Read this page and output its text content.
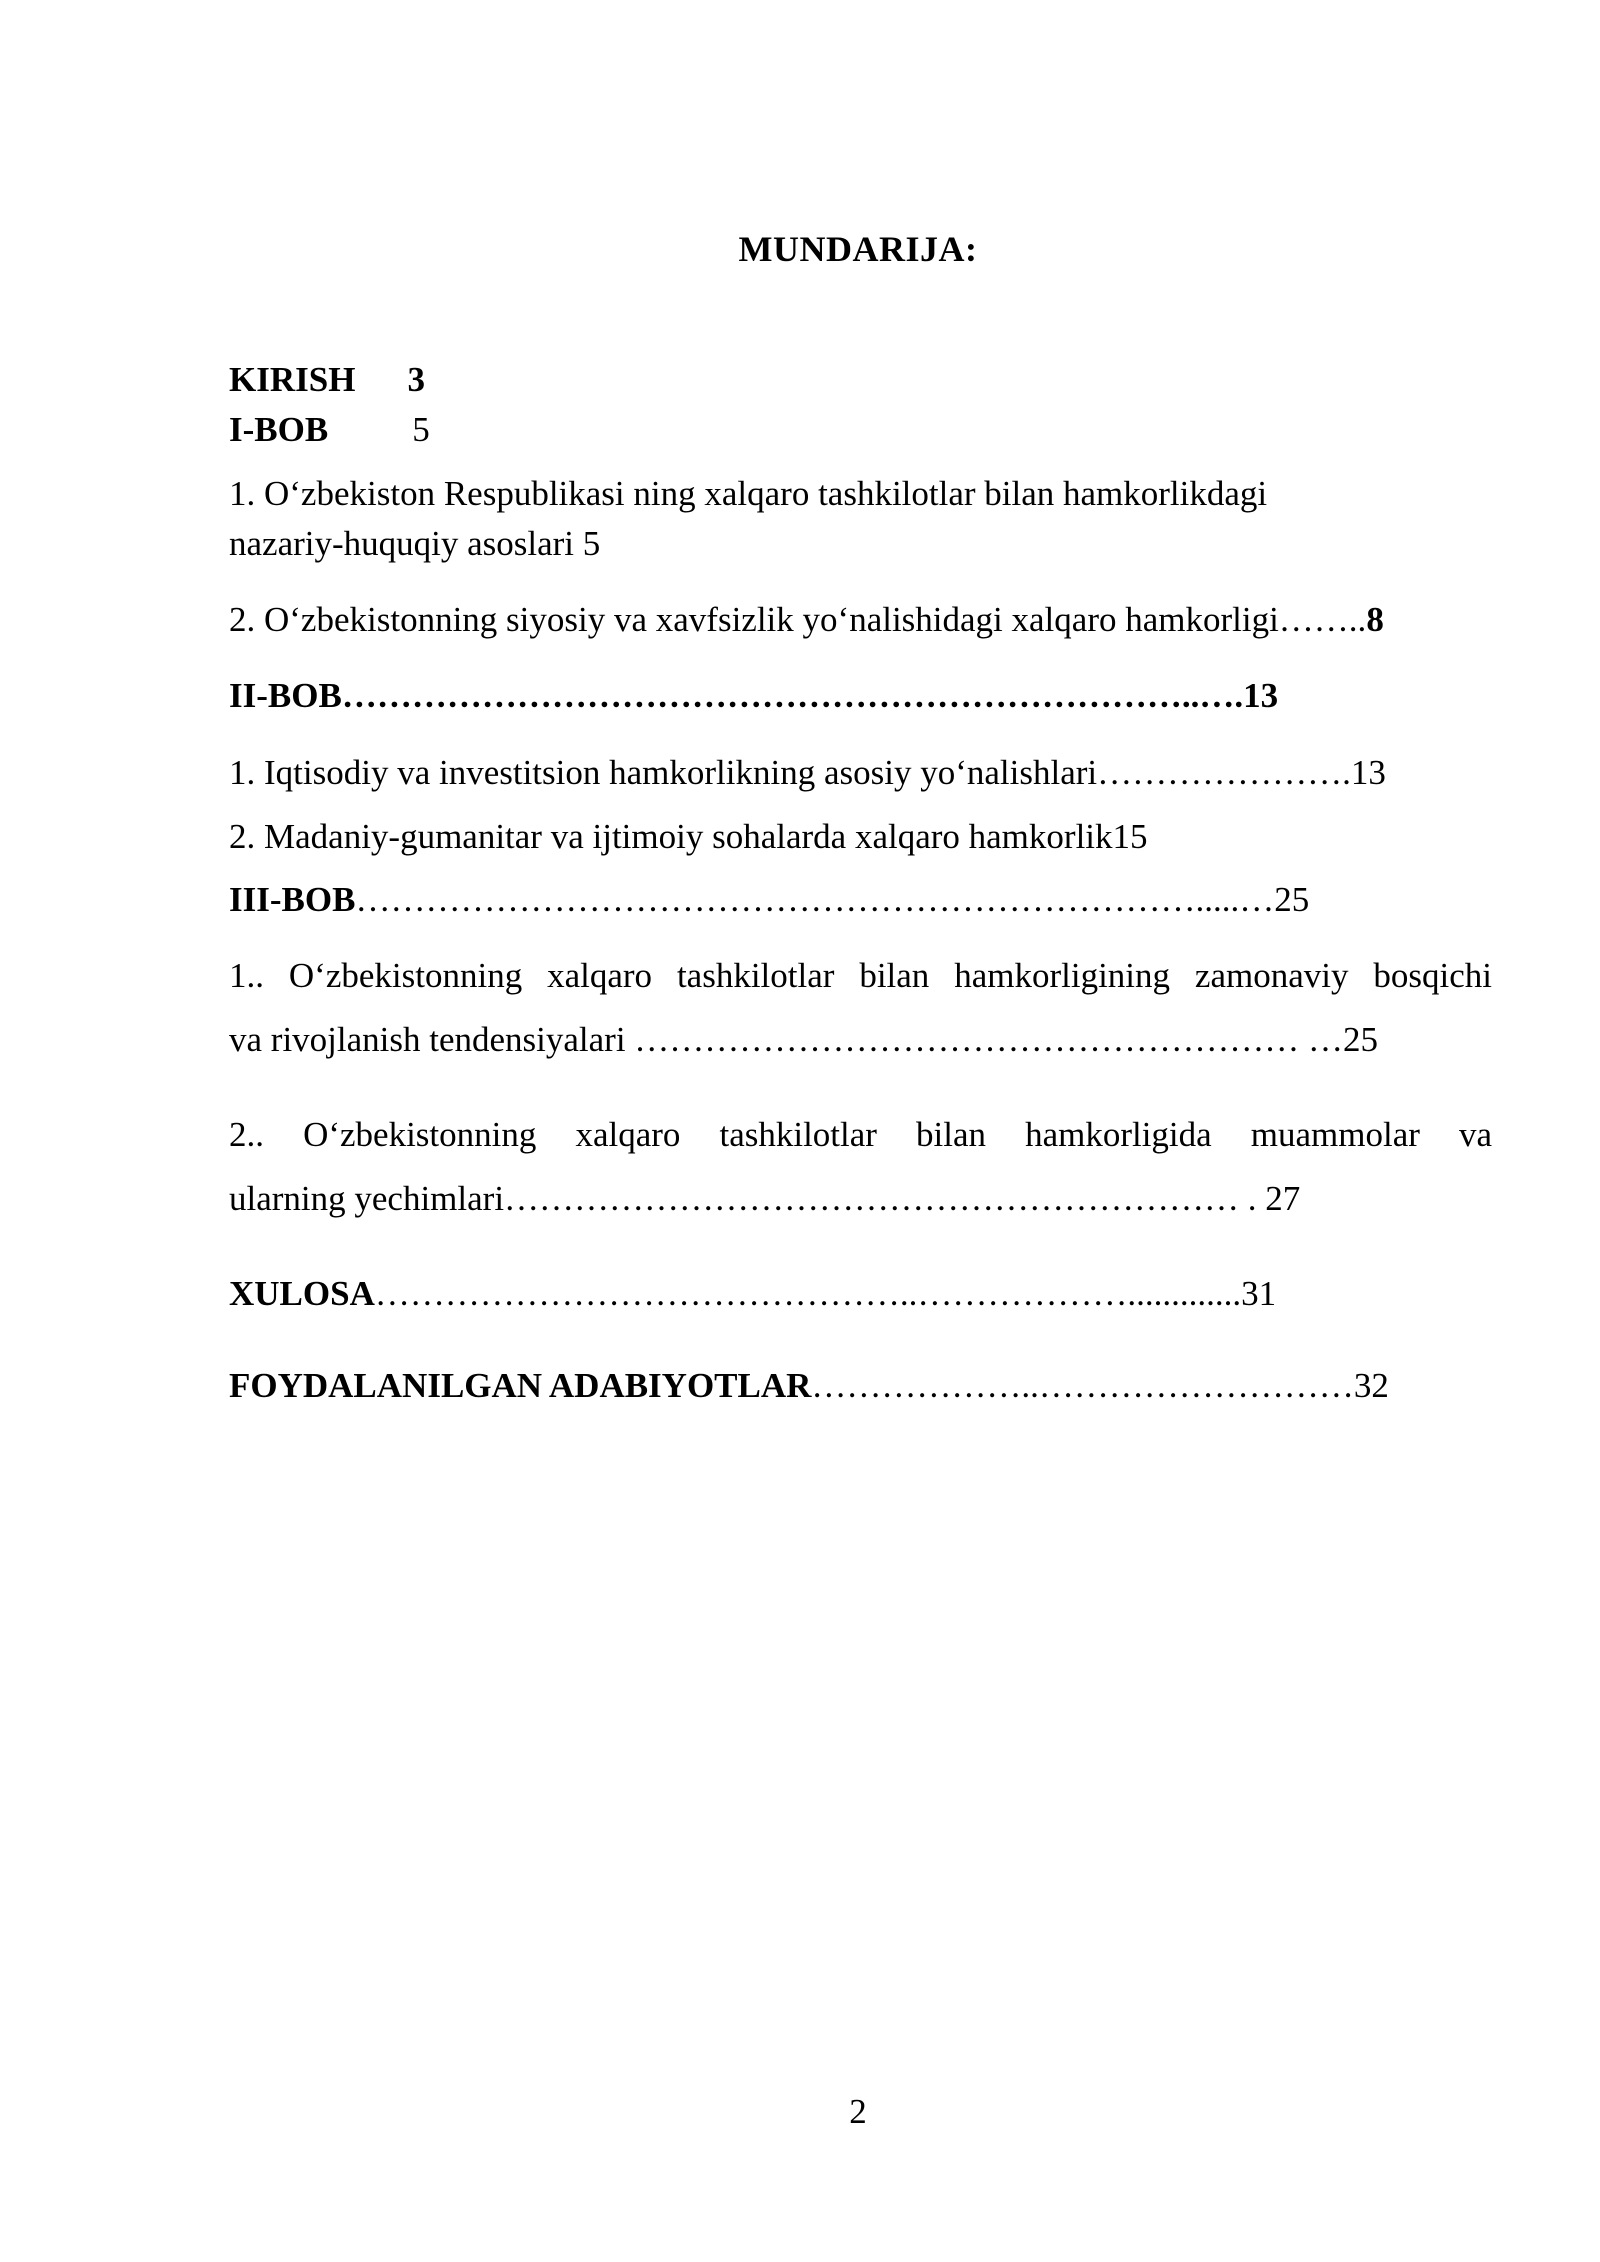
MUNDARIJA:
KIRISH 3
I-BOB 5
1. O‘zbekiston Respublikasi ning xalqaro tashkilotlar bilan hamkorlikdagi
nazariy-huquqiy asoslari 5
2. O‘zbekistonning siyosiy va xavfsizlik yo‘nalishidagi xalqaro hamkorligi……..8
II-BOB………………………………………………………………..….13
1. Iqtisodiy va investitsion hamkorlikning asosiy yo‘nalishlari………………….13
2. Madaniy-gumanitar va ijtimoiy sohalarda xalqaro hamkorlik15
III-BOB……………………………………………………………….....…25
1.. O‘zbekistonning xalqaro tashkilotlar bilan hamkorligining zamonaviy bosqichi
va rivojlanish tendensiyalari ………………………………………………… …25
2.. O‘zbekistonning xalqaro tashkilotlar bilan hamkorligida muammolar va
ularning yechimlari……………………………………………………… . 27
XULOSA………………………………………..……………….............31
FOYDALANILGAN ADABIYOTLAR………………..………………………32
2
